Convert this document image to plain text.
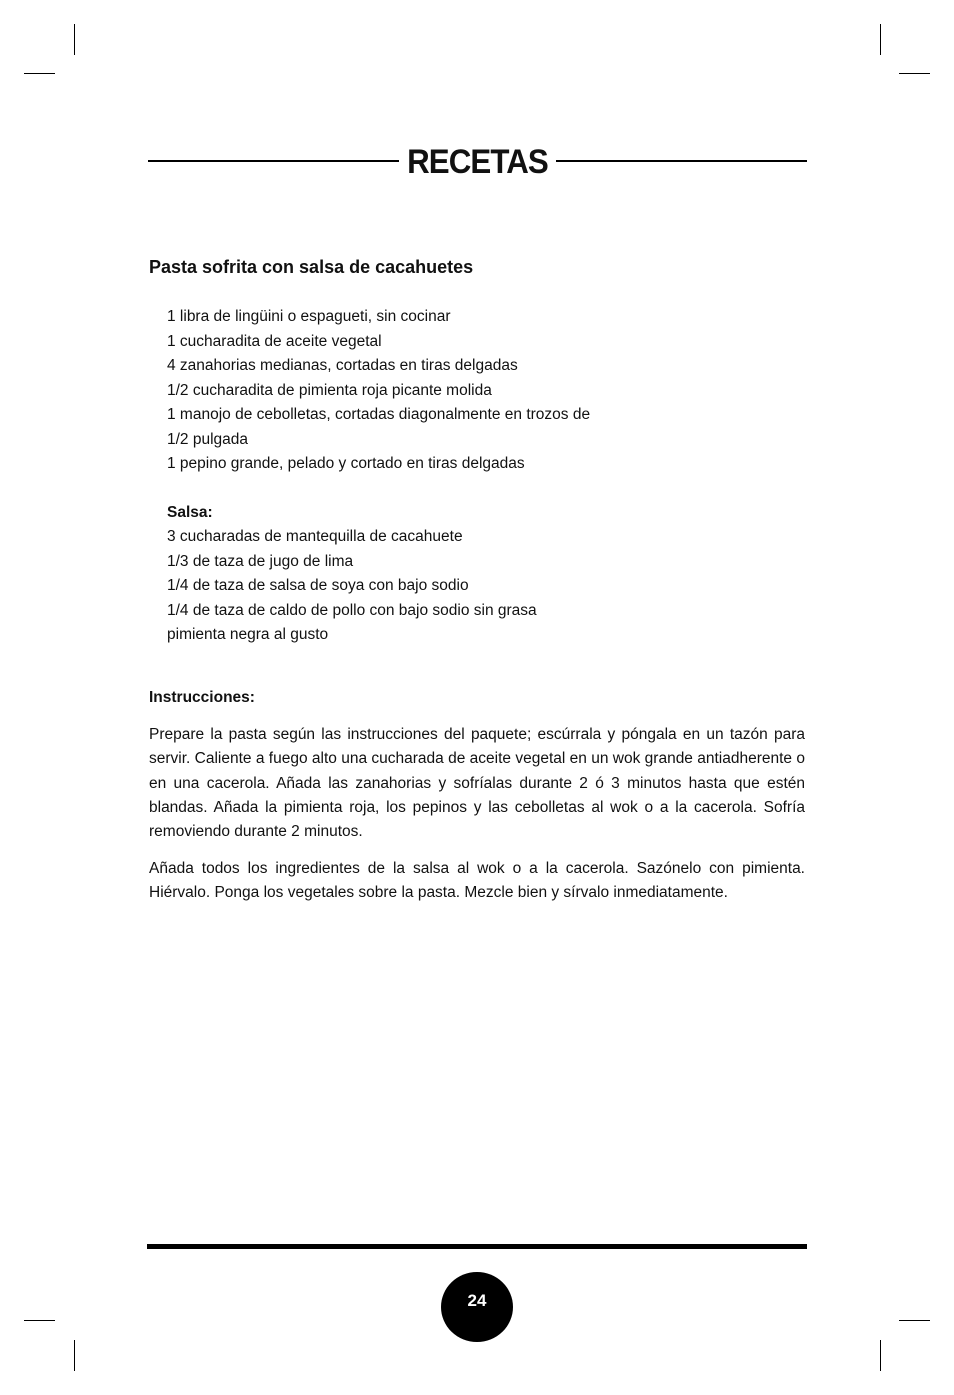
RECETAS
Pasta sofrita con salsa de cacahuetes
1 libra de lingüini o espagueti, sin cocinar
1 cucharadita de aceite vegetal
4 zanahorias medianas, cortadas en tiras delgadas
1/2 cucharadita de pimienta roja picante molida
1 manojo de cebolletas, cortadas diagonalmente en trozos de 1/2 pulgada
1 pepino grande, pelado y cortado en tiras delgadas
Salsa:
3 cucharadas de mantequilla de cacahuete
1/3 de taza de jugo de lima
1/4 de taza de salsa de soya con bajo sodio
1/4 de taza de caldo de pollo con bajo sodio sin grasa
pimienta negra al gusto
Instrucciones:

Prepare la pasta según las instrucciones del paquete; escúrrala y póngala en un tazón para servir. Caliente a fuego alto una cucharada de aceite vegetal en un wok grande antiadherente o en una cacerola. Añada las zanahorias y sofríalas durante 2 ó 3 minutos hasta que estén blandas. Añada la pimienta roja, los pepinos y las cebolletas al wok o a la cacerola. Sofría removiendo durante 2 minutos.

Añada todos los ingredientes de la salsa al wok o a la cacerola. Sazónelo con pimienta. Hiérvalo. Ponga los vegetales sobre la pasta. Mezcle bien y sírvalo inmediatamente.

24
